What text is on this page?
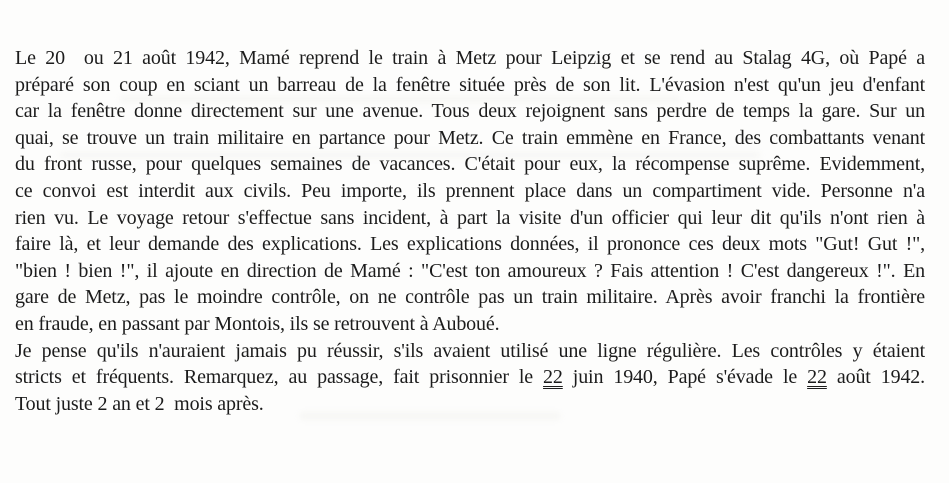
Le 20  ou 21 août 1942, Mamé reprend le train à Metz pour Leipzig et se rend au Stalag 4G, où Papé a
préparé son coup en sciant un barreau de la fenêtre située près de son lit. L'évasion n'est qu'un jeu d'enfant
car la fenêtre donne directement sur une avenue. Tous deux rejoignent sans perdre de temps la gare. Sur un
quai, se trouve un train militaire en partance pour Metz. Ce train emmène en France, des combattants venant
du front russe, pour quelques semaines de vacances. C'était pour eux, la récompense suprême. Evidemment,
ce convoi est interdit aux civils. Peu importe, ils prennent place dans un compartiment vide. Personne n'a
rien vu. Le voyage retour s'effectue sans incident, à part la visite d'un officier qui leur dit qu'ils n'ont rien à
faire là, et leur demande des explications. Les explications données, il prononce ces deux mots "Gut! Gut !",
"bien ! bien !", il ajoute en direction de Mamé : "C'est ton amoureux ? Fais attention ! C'est dangereux !". En
gare de Metz, pas le moindre contrôle, on ne contrôle pas un train militaire. Après avoir franchi la frontière
en fraude, en passant par Montois, ils se retrouvent à Auboué.
Je pense qu'ils n'auraient jamais pu réussir, s'ils avaient utilisé une ligne régulière. Les contrôles y étaient
stricts et fréquents. Remarquez, au passage, fait prisonnier le 22 juin 1940, Papé s'évade le 22 août 1942.
Tout juste 2 an et 2  mois après.
